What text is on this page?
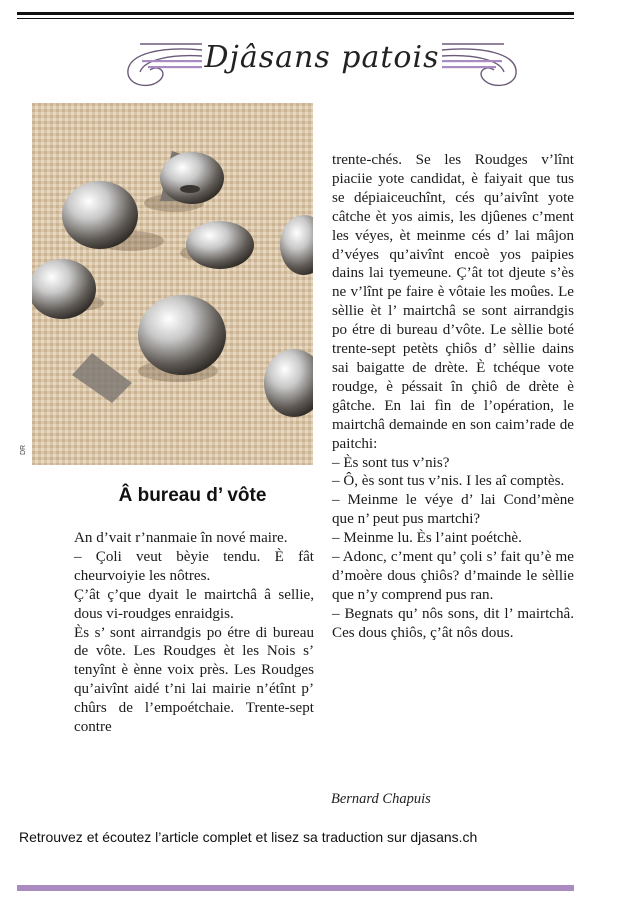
Djâsans patois
DR
Â bureau d’ vôte

An d’vait r’nanmaie în nové maire.

– Çoli veut bèyie tendu. È fât cheurvoiyie les nôtres.

Ç’ât ç’que dyait le mairtchâ â sellie, dous vi-roudges enraidgis.

Ès s’ sont airrandgis po étre di bureau de vôte. Les Roudges èt les Nois s’ tenyînt è ènne voix près. Les Roudges qu’aivînt aidé t’ni lai mairie n’étînt p’ chûrs de l’empoétchaie. Trente-sept contre

trente-chés. Se les Roudges v’lînt piaciie yote candidat, è faiyait que tus se dépiaiceuchînt, cés qu’aivînt yote câtche èt yos aimis, les djûenes c’ment les véyes, èt meinme cés d’ lai mâjon d’véyes qu’aivînt encoè yos paipies dains lai tyemeune. Ç’ât tot djeute s’ès ne v’lînt pe faire è vôtaie les moûes. Le sèllie èt l’ mairtchâ se sont airrandgis po étre di bureau d’vôte. Le sèllie boté trente-sept petèts çhiôs d’ sèllie dains sai baigatte de drète. È tchéque vote roudge, è péssait în çhiô de drète è gâtche. En lai fìn de l’opération, le mairtchâ demainde en son caim’rade de paitchi:

– Ès sont tus v’nis?

– Ô, ès sont tus v’nis. I les aî comptès.

– Meinme le véye d’ lai Cond’mène que n’ peut pus martchi?

– Meinme lu. Ès l’aint poétchè.

– Adonc, c’ment qu’ çoli s’ fait qu’è me d’moère dous çhiôs? d’mainde le sèllie que n’y comprend pus ran.

– Begnats qu’ nôs sons, dit l’ mairtchâ. Ces dous çhiôs, ç’ât nôs dous.

Bernard Chapuis
Retrouvez et écoutez l’article complet et lisez sa traduction sur djasans.ch
